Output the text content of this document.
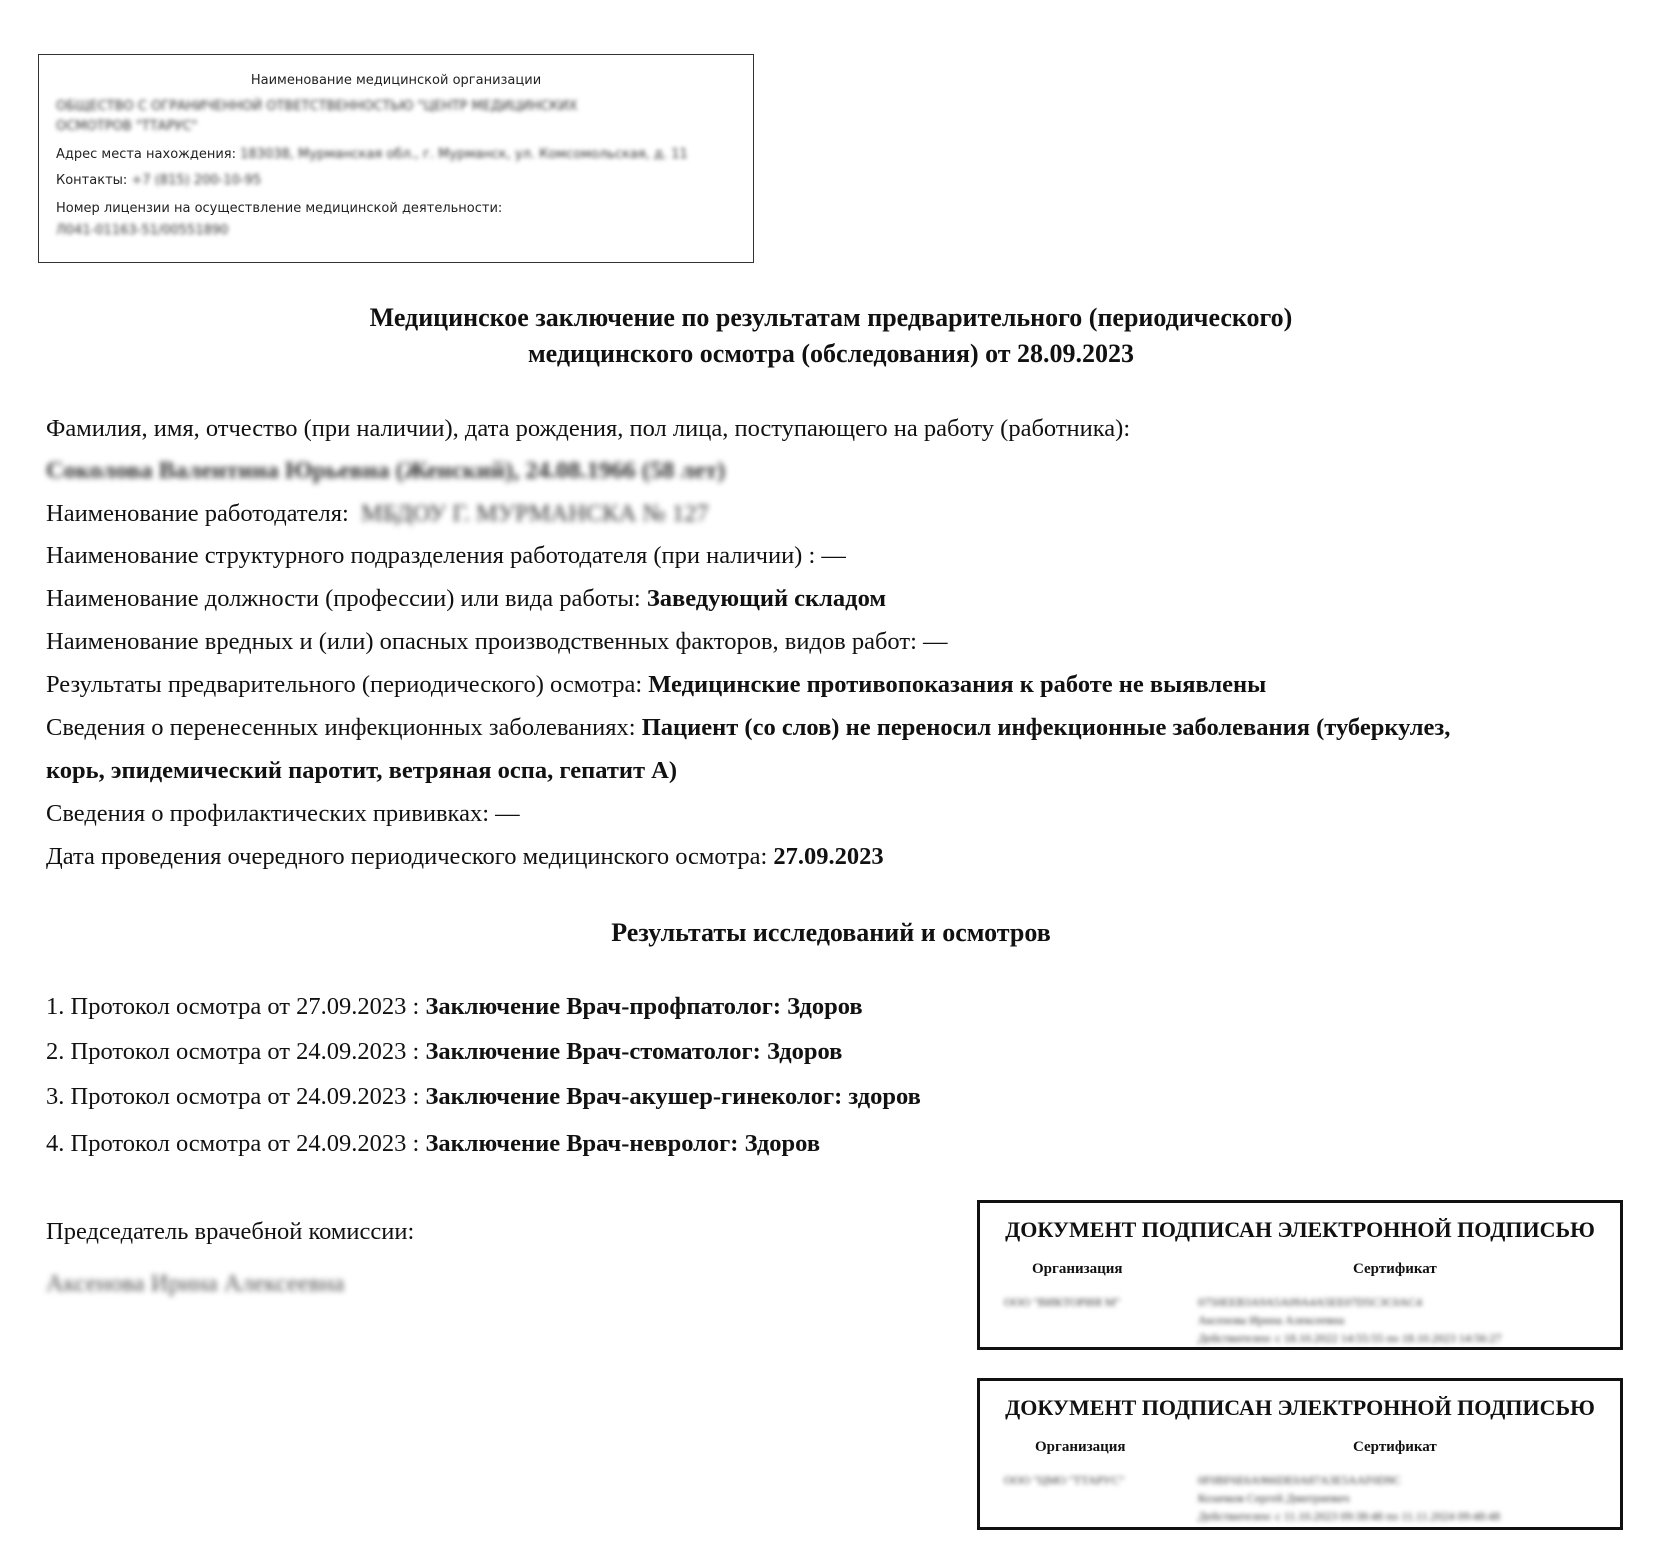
Наименование медицинской организации
ОБЩЕСТВО С ОГРАНИЧЕННОЙ ОТВЕТСТВЕННОСТЬЮ "ЦЕНТР МЕДИЦИНСКИХ
ОСМОТРОВ "ТТАРУС"
Адрес места нахождения: 183038, Мурманская обл., г. Мурманск, ул. Комсомольская, д. 11
Контакты: +7 (815) 200-10-95
Номер лицензии на осуществление медицинской деятельности:
Л041-01163-51/00551890
Медицинское заключение по результатам предварительного (периодического)
медицинского осмотра (обследования) от 28.09.2023
Фамилия, имя, отчество (при наличии), дата рождения, пол лица, поступающего на работу (работника):
Соколова Валентина Юрьевна (Женский), 24.08.1966 (58 лет)
Наименование работодателя: МБДОУ Г. МУРМАНСКА № 127
Наименование структурного подразделения работодателя (при наличии) : —
Наименование должности (профессии) или вида работы: Заведующий складом
Наименование вредных и (или) опасных производственных факторов, видов работ: —
Результаты предварительного (периодического) осмотра: Медицинские противопоказания к работе не выявлены
Сведения о перенесенных инфекционных заболеваниях: Пациент (со слов) не переносил инфекционные заболевания (туберкулез,
корь, эпидемический паротит, ветряная оспа, гепатит А)
Сведения о профилактических прививках: —
Дата проведения очередного периодического медицинского осмотра: 27.09.2023
Результаты исследований и осмотров
1. Протокол осмотра от 27.09.2023 : Заключение Врач-профпатолог: Здоров
2. Протокол осмотра от 24.09.2023 : Заключение Врач-стоматолог: Здоров
3. Протокол осмотра от 24.09.2023 : Заключение Врач-акушер-гинеколог: здоров
4. Протокол осмотра от 24.09.2023 : Заключение Врач-невролог: Здоров
Председатель врачебной комиссии:
Аксенова Ирина Алексеевна
ДОКУМЕНТ ПОДПИСАН ЭЛЕКТРОННОЙ ПОДПИСЬЮ
Организация	Сертификат
ООО "ВИКТОРИЯ М"	0750EEB3A9A5A09A4A5EE07D5C3C0AC4
Аксенова Ирина Алексеевна
Действителен: с 18.10.2022 14:55:55 по 18.10.2023 14:56:27
ДОКУМЕНТ ПОДПИСАН ЭЛЕКТРОННОЙ ПОДПИСЬЮ
Организация	Сертификат
ООО "ЦМО "ТТАРУС"	0F0BF6E6A966DE0A87A3E5AAF0D9C
Козачков Сергей Дмитриевич
Действителен: с 11.10.2023 09:38:48 по 11.11.2024 09:48:48
